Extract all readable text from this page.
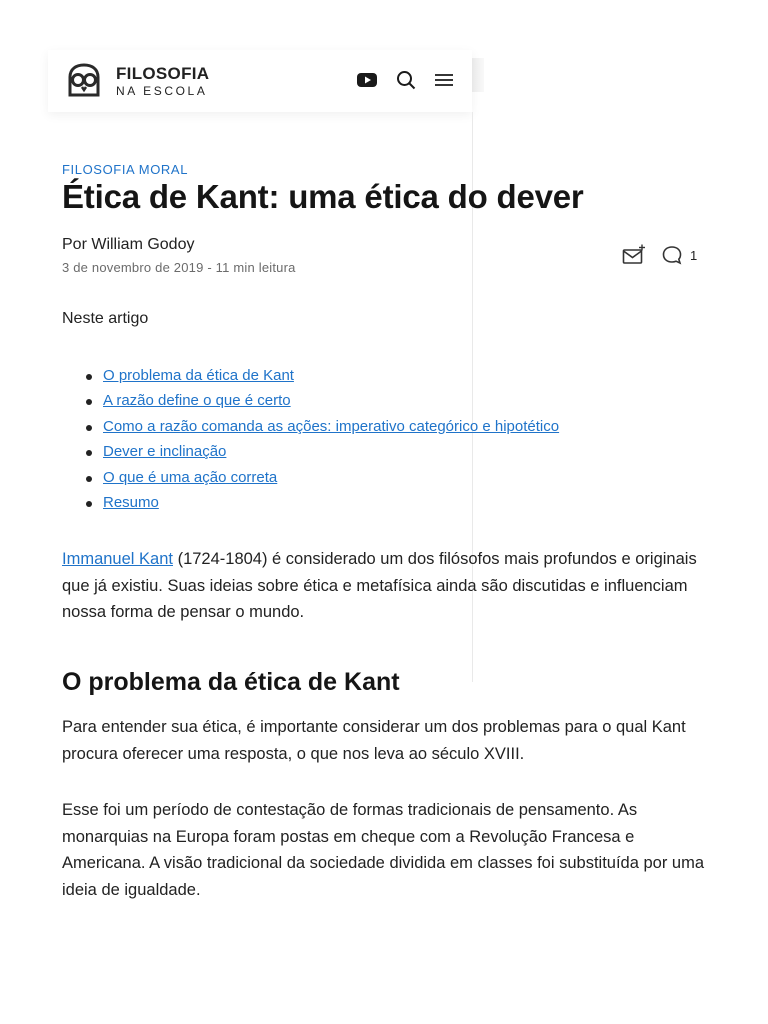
FILOSOFIA
NA ESCOLA
FILOSOFIA MORAL
Ética de Kant: uma ética do dever
Por William Godoy
3 de novembro de 2019 - 11 min leitura
1
Neste artigo
O problema da ética de Kant
A razão define o que é certo
Como a razão comanda as ações: imperativo categórico e hipotético
Dever e inclinação
O que é uma ação correta
Resumo

Immanuel Kant (1724-1804) é considerado um dos filósofos mais profundos e originais que já existiu. Suas ideias sobre ética e metafísica ainda são discutidas e influenciam nossa forma de pensar o mundo.

O problema da ética de Kant

Para entender sua ética, é importante considerar um dos problemas para o qual Kant procura oferecer uma resposta, o que nos leva ao século XVIII.

Esse foi um período de contestação de formas tradicionais de pensamento. As monarquias na Europa foram postas em cheque com a Revolução Francesa e Americana. A visão tradicional da sociedade dividida em classes foi substituída por uma ideia de igualdade.
